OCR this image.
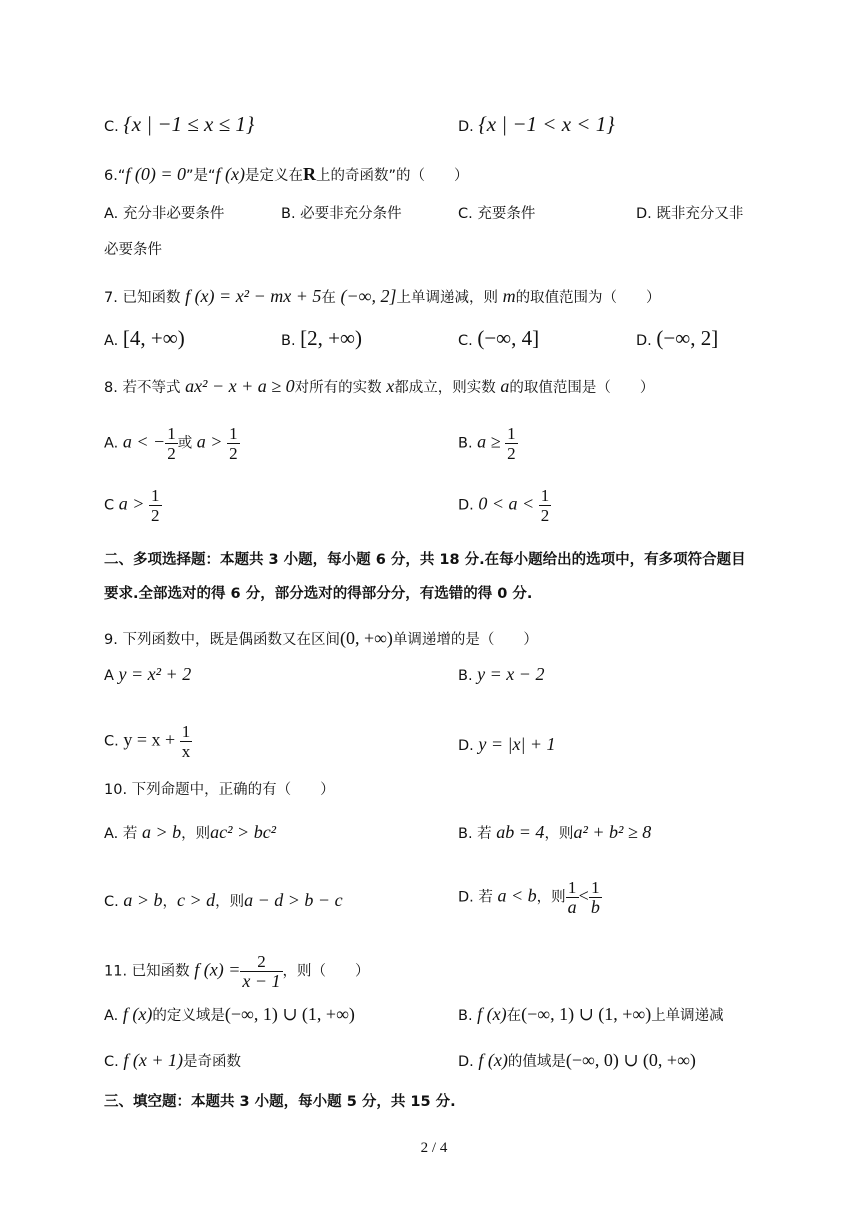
C. {x | −1 ≤ x ≤ 1}	D. {x | −1 < x < 1}
6.“f (0) = 0”是“f (x)是定义在R上的奇函数”的（　　）
A. 充分非必要条件	B. 必要非充分条件	C. 充要条件	D. 既非充分又非
必要条件
7. 已知函数 f (x) = x² − mx + 5在 (−∞, 2]上单调递减，则 m的取值范围为（　　）
A. [4, +∞)	B. [2, +∞)	C. (−∞, 4]	D. (−∞, 2]
8. 若不等式 ax² − x + a ≥ 0对所有的实数 x都成立，则实数 a的取值范围是（　　）
A. a < − $\frac{1}{2}$ 或 $a > \frac{1}{2}$	B. $a \ge \frac{1}{2}$
C $a > \frac{1}{2}$	D. $0 < a < \frac{1}{2}$
二、多项选择题：本题共 3 小题，每小题 6 分，共 18 分.在每小题给出的选项中，有多项符合题目
要求.全部选对的得 6 分，部分选对的得部分分，有选错的得 0 分.
9. 下列函数中，既是偶函数又在区间(0, +∞)单调递增的是（　　）
A y = x² + 2	B. y = x − 2
C. $y = x + \frac{1}{x}$	D. y = |x| + 1
10. 下列命题中，正确的有（　　）
A. 若 a > b，则ac² > bc²	B. 若 ab = 4，则a² + b² ≥ 8
C. a > b，c > d，则a − d > b − c	D. 若 a < b，则 $\frac{1}{a} < \frac{1}{b}$
11. 已知函数 f $(x) = \frac{2}{x - 1}$ ，则（　　）
A. f (x)的定义域是(−∞, 1) ∪ (1, +∞)	B. f (x)在(−∞, 1) ∪ (1, +∞)上单调递减
C. f (x + 1)是奇函数	D. f (x)的值域是(−∞, 0) ∪ (0, +∞)
三、填空题：本题共 3 小题，每小题 5 分，共 15 分.
2 / 4
